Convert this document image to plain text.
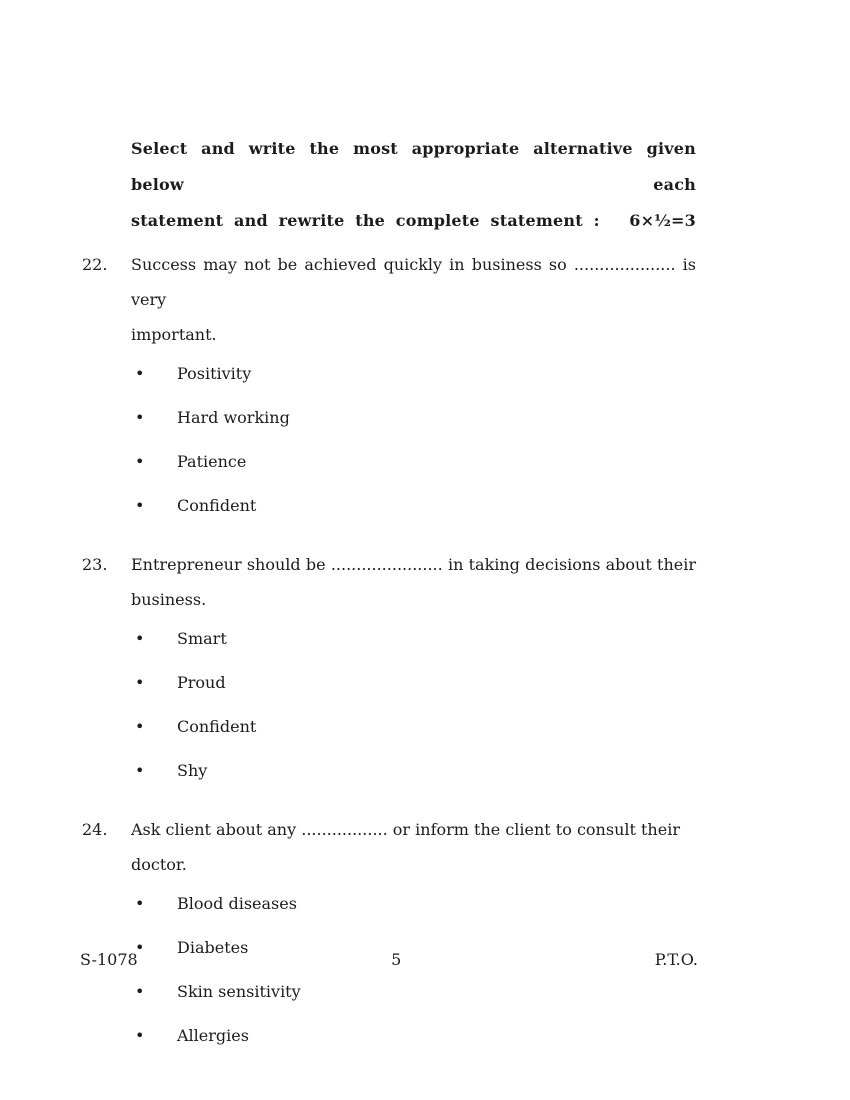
Select and write the most appropriate alternative given below each
statement and rewrite the complete statement : 6×½=3
22.	Success may not be achieved quickly in business so .................... is very
important.
•	Positivity
•	Hard working
•	Patience
•	Confident
23.	Entrepreneur should be ...................... in taking decisions about their
business.
•	Smart
•	Proud
•	Confident
•	Shy
24.	Ask client about any ................. or inform the client to consult their doctor.
•	Blood diseases
•	Diabetes
•	Skin sensitivity
•	Allergies
S-1078	5	P.T.O.
